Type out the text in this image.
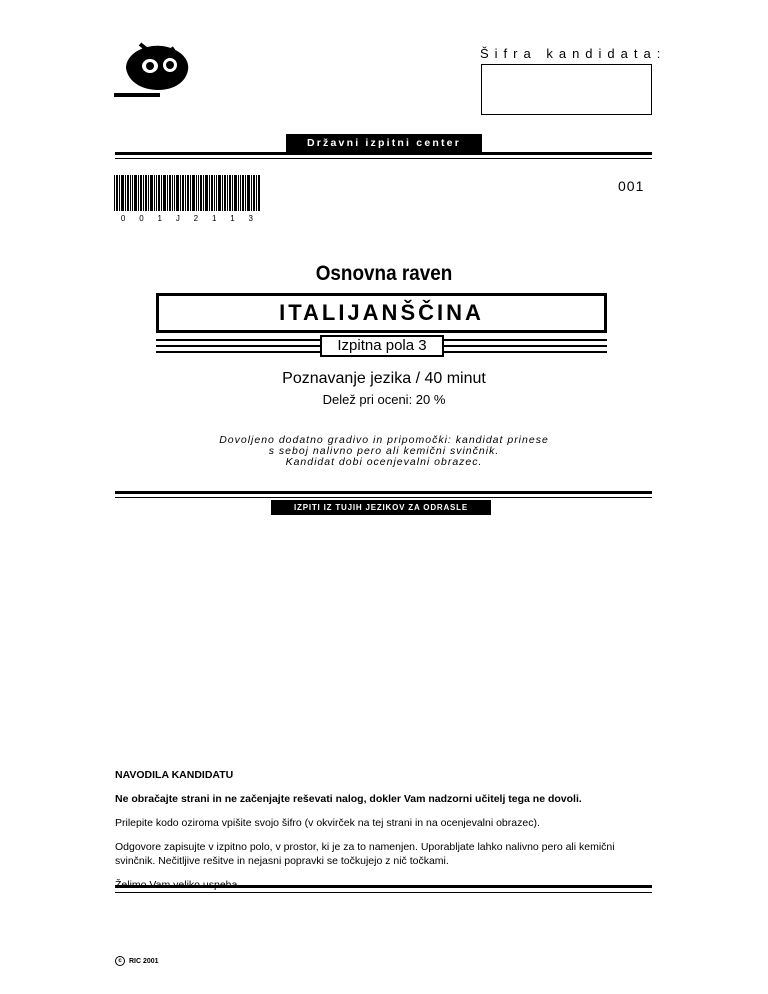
Šifra kandidata:
Državni izpitni center
001
0 0 1 J 2 1 1 3
Osnovna raven
ITALIJANŠČINA
Izpitna pola 3
Poznavanje jezika / 40 minut
Delež pri oceni: 20 %
Dovoljeno dodatno gradivo in pripomočki: kandidat prinese
s seboj nalivno pero ali kemični svinčnik.
Kandidat dobi ocenjevalni obrazec.
IZPITI IZ TUJIH JEZIKOV ZA ODRASLE

NAVODILA KANDIDATU

Ne obračajte strani in ne začenjajte reševati nalog, dokler Vam nadzorni učitelj tega ne dovoli.

Prilepite kodo oziroma vpišite svojo šifro (v okvirček na tej strani in na ocenjevalni obrazec).

Odgovore zapisujte v izpitno polo, v prostor, ki je za to namenjen. Uporabljate lahko nalivno pero ali kemični svinčnik. Nečitljive rešitve in nejasni popravki se točkujejo z nič točkami.

c	RIC 2001
